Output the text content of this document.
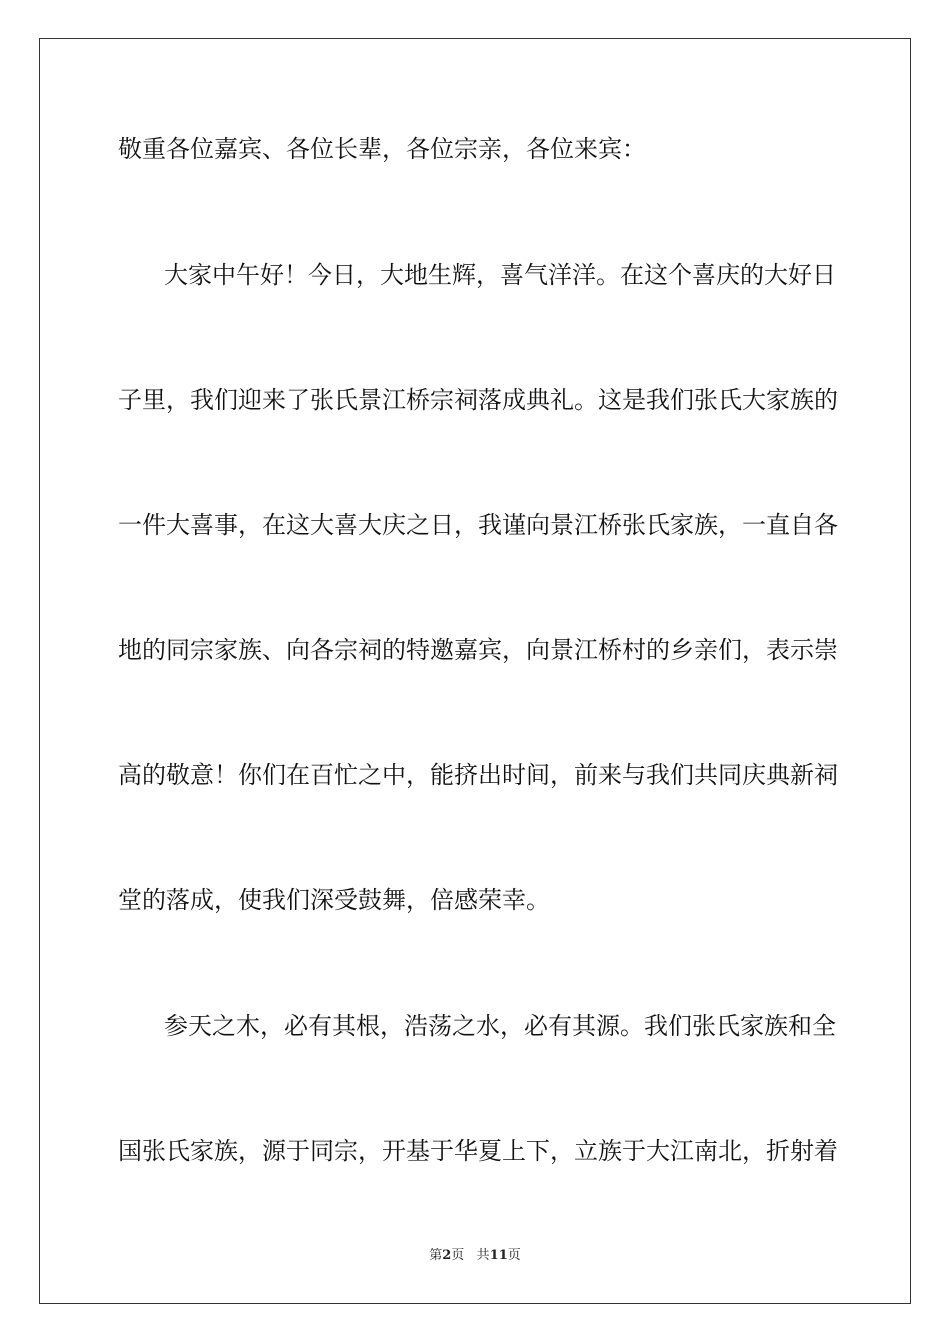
敬重各位嘉宾、各位长辈，各位宗亲，各位来宾：
大家中午好！今日，大地生辉，喜气洋洋。在这个喜庆的大好日
子里，我们迎来了张氏景江桥宗祠落成典礼。这是我们张氏大家族的
一件大喜事，在这大喜大庆之日，我谨向景江桥张氏家族，一直自各
地的同宗家族、向各宗祠的特邀嘉宾，向景江桥村的乡亲们，表示崇
高的敬意！你们在百忙之中，能挤出时间，前来与我们共同庆典新祠
堂的落成，使我们深受鼓舞，倍感荣幸。
参天之木，必有其根，浩荡之水，必有其源。我们张氏家族和全
国张氏家族，源于同宗，开基于华夏上下，立族于大江南北，折射着
第2页 共11页
